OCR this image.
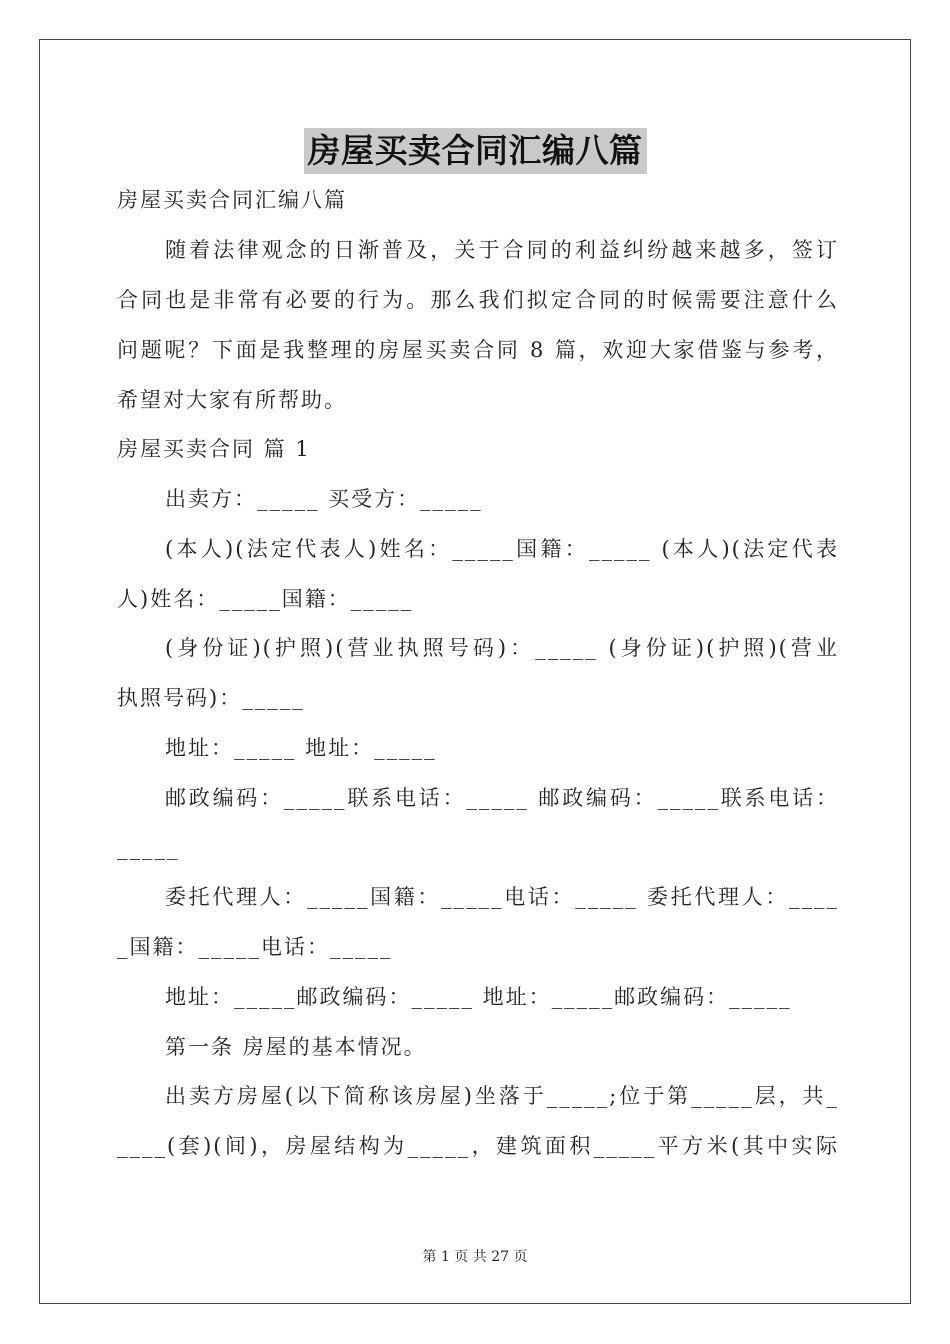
房屋买卖合同汇编八篇
房屋买卖合同汇编八篇
随着法律观念的日渐普及，关于合同的利益纠纷越来越多，签订
合同也是非常有必要的行为。那么我们拟定合同的时候需要注意什么
问题呢？下面是我整理的房屋买卖合同 8 篇，欢迎大家借鉴与参考，
希望对大家有所帮助。
房屋买卖合同 篇 1
出卖方：_____ 买受方：_____
(本人)(法定代表人)姓名：_____国籍：_____ (本人)(法定代表
人)姓名：_____国籍：_____
(身份证)(护照)(营业执照号码)：_____ (身份证)(护照)(营业
执照号码)：_____
地址：_____ 地址：_____
邮政编码：_____联系电话：_____ 邮政编码：_____联系电话：
_____
委托代理人：_____国籍：_____电话：_____ 委托代理人：____
_国籍：_____电话：_____
地址：_____邮政编码：_____ 地址：_____邮政编码：_____
第一条 房屋的基本情况。
出卖方房屋(以下简称该房屋)坐落于_____;位于第_____层，共_
____(套)(间)，房屋结构为_____，建筑面积_____平方米(其中实际
第 1 页 共 27 页
